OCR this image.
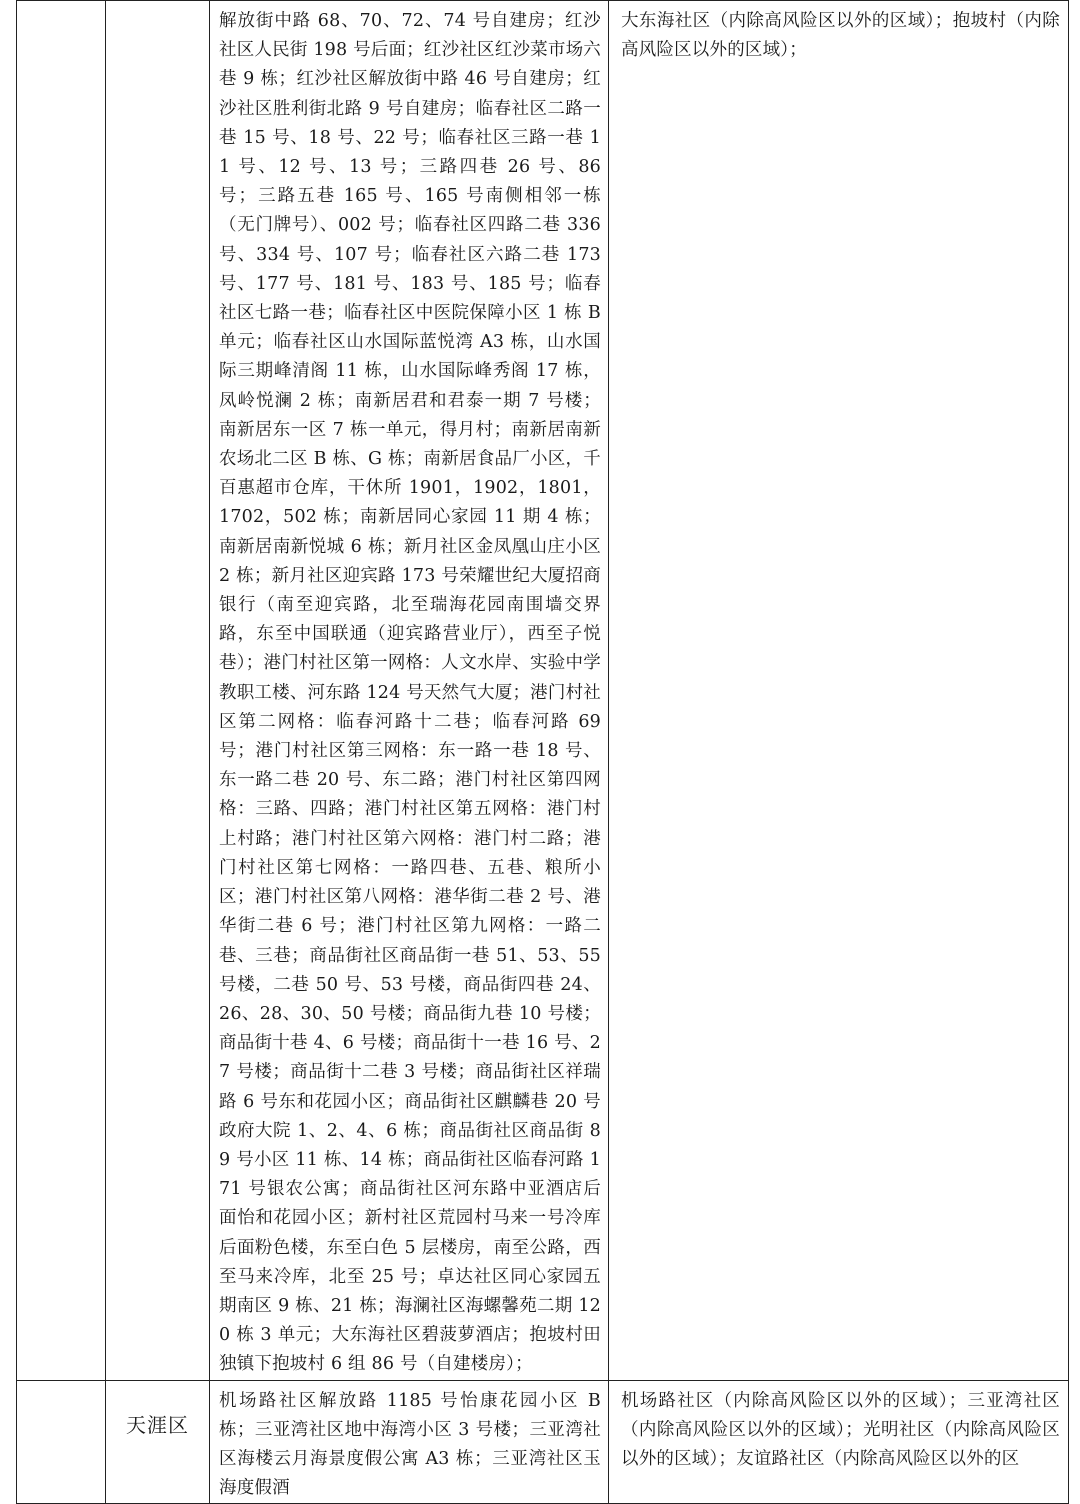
		解放街中路 68、70、72、74 号自建房；红沙社区人民街 198 号后面；红沙社区红沙菜市场六巷 9 栋；红沙社区解放街中路 46 号自建房；红沙社区胜利街北路 9 号自建房；临春社区二路一巷 15 号、18 号、22 号；临春社区三路一巷 11 号、12 号、13 号；三路四巷 26 号、86 号；三路五巷 165 号、165 号南侧相邻一栋（无门牌号）、002 号；临春社区四路二巷 336 号、334 号、107 号；临春社区六路二巷 173 号、177 号、181 号、183 号、185 号；临春社区七路一巷；临春社区中医院保障小区 1 栋 B 单元；临春社区山水国际蓝悦湾 A3 栋，山水国际三期峰清阁 11 栋，山水国际峰秀阁 17 栋，凤岭悦澜 2 栋；南新居君和君泰一期 7 号楼；南新居东一区 7 栋一单元，得月村；南新居南新农场北二区 B 栋、G 栋；南新居食品厂小区，千百惠超市仓库，干休所 1901，1902，1801，1702，502 栋；南新居同心家园 11 期 4 栋；南新居南新悦城 6 栋；新月社区金凤凰山庄小区 2 栋；新月社区迎宾路 173 号荣耀世纪大厦招商银行（南至迎宾路，北至瑞海花园南围墙交界路，东至中国联通（迎宾路营业厅），西至子悦巷）；港门村社区第一网格：人文水岸、实验中学教职工楼、河东路 124 号天然气大厦；港门村社区第二网格：临春河路十二巷；临春河路 69 号；港门村社区第三网格：东一路一巷 18 号、东一路二巷 20 号、东二路；港门村社区第四网格：三路、四路；港门村社区第五网格：港门村上村路；港门村社区第六网格：港门村二路；港门村社区第七网格：一路四巷、五巷、粮所小区；港门村社区第八网格：港华街二巷 2 号、港华街二巷 6 号；港门村社区第九网格：一路二巷、三巷；商品街社区商品街一巷 51、53、55 号楼，二巷 50 号、53 号楼，商品街四巷 24、26、28、30、50 号楼；商品街九巷 10 号楼；商品街十巷 4、6 号楼；商品街十一巷 16 号、27 号楼；商品街十二巷 3 号楼；商品街社区祥瑞路 6 号东和花园小区；商品街社区麒麟巷 20 号政府大院 1、2、4、6 栋；商品街社区商品街 89 号小区 11 栋、14 栋；商品街社区临春河路 171 号银农公寓；商品街社区河东路中亚酒店后面怡和花园小区；新村社区荒园村马来一号冷库后面粉色楼，东至白色 5 层楼房，南至公路，西至马来冷库，北至 25 号；卓达社区同心家园五期南区 9 栋、21 栋；海澜社区海螺馨苑二期 120 栋 3 单元；大东海社区碧菠萝酒店；抱坡村田独镇下抱坡村 6 组 86 号（自建楼房）；	大东海社区（内除高风险区以外的区域）；抱坡村（内除高风险区以外的区域）；

	天涯区	机场路社区解放路 1185 号怡康花园小区 B 栋；三亚湾社区地中海湾小区 3 号楼；三亚湾社区海楼云月海景度假公寓 A3 栋；三亚湾社区玉海度假酒	机场路社区（内除高风险区以外的区域）；三亚湾社区（内除高风险区以外的区域）；光明社区（内除高风险区以外的区域）；友谊路社区（内除高风险区以外的区
